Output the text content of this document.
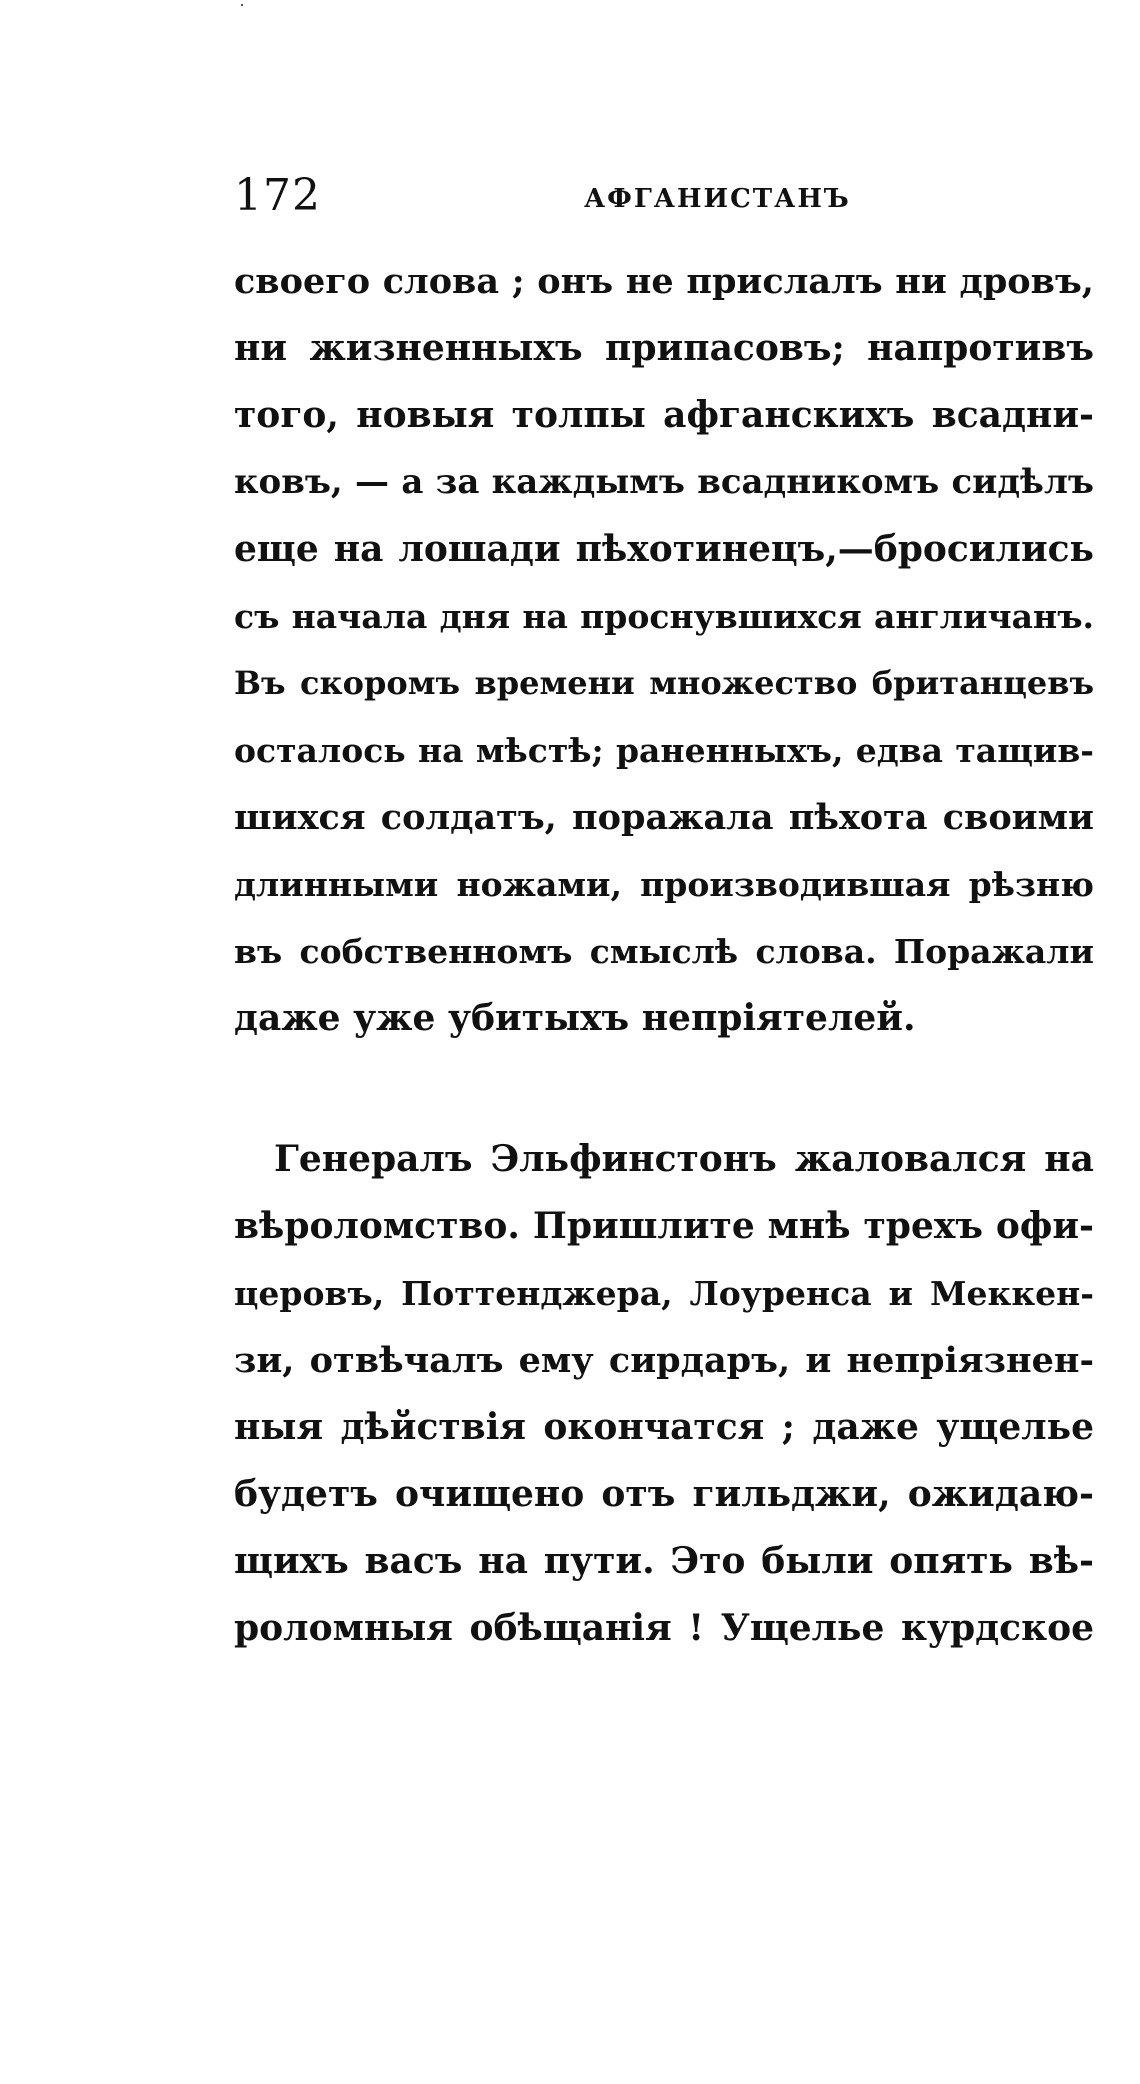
172	АФГАНИСТАНЪ

своего слова ; онъ не прислалъ ни дровъ,
ни жизненныхъ припасовъ; напротивъ
того, новыя толпы афганскихъ всадни-
ковъ, — а за каждымъ всадникомъ сидѣлъ
еще на лошади пѣхотинецъ,—бросились
съ начала дня на проснувшихся англичанъ.
Въ скоромъ времени множество британцевъ
осталось на мѣстѣ; раненныхъ, едва тащив-
шихся солдатъ, поражала пѣхота своими
длинными ножами, производившая рѣзню
въ собственномъ смыслѣ слова. Поражали
даже уже убитыхъ непріятелей.

Генералъ Эльфинстонъ жаловался на
вѣроломство. Пришлите мнѣ трехъ офи-
церовъ, Поттенджера, Лоуренса и Меккен-
зи, отвѣчалъ ему сирдаръ, и непріязнен-
ныя дѣйствія окончатся ; даже ущелье
будетъ очищено отъ гильджи, ожидаю-
щихъ васъ на пути. Это были опять вѣ-
роломныя обѣщанія ! Ущелье курдское
